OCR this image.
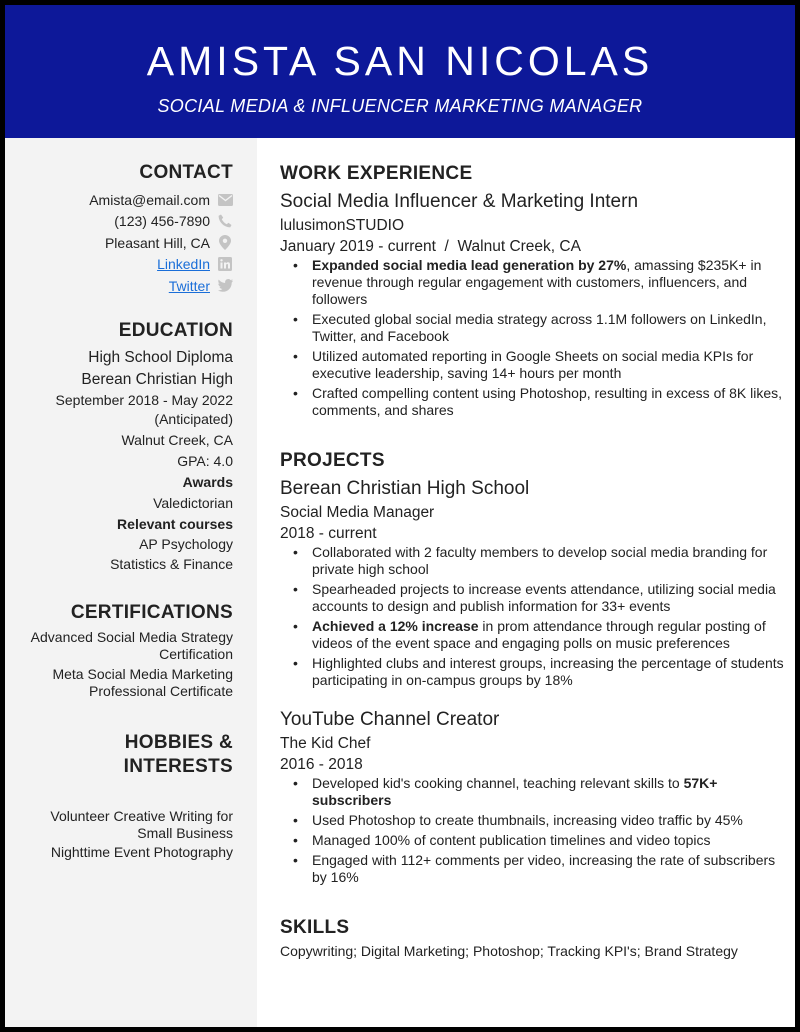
AMISTA SAN NICOLAS
SOCIAL MEDIA & INFLUENCER MARKETING MANAGER
CONTACT
Amista@email.com
(123) 456-7890
Pleasant Hill, CA
LinkedIn
Twitter
EDUCATION
High School Diploma
Berean Christian High
September 2018 - May 2022
(Anticipated)
Walnut Creek, CA
GPA: 4.0
Awards
Valedictorian
Relevant courses
AP Psychology
Statistics & Finance
CERTIFICATIONS
Advanced Social Media Strategy
Certification
Meta Social Media Marketing
Professional Certificate
HOBBIES &
INTERESTS
Volunteer Creative Writing for
Small Business
Nighttime Event Photography
WORK EXPERIENCE
Social Media Influencer & Marketing Intern
lulusimonSTUDIO
January 2019 - current  /  Walnut Creek, CA
• Expanded social media lead generation by 27%, amassing $235K+ in revenue through regular engagement with customers, influencers, and followers
• Executed global social media strategy across 1.1M followers on LinkedIn, Twitter, and Facebook
• Utilized automated reporting in Google Sheets on social media KPIs for executive leadership, saving 14+ hours per month
• Crafted compelling content using Photoshop, resulting in excess of 8K likes, comments, and shares
PROJECTS
Berean Christian High School
Social Media Manager
2018 - current
• Collaborated with 2 faculty members to develop social media branding for private high school
• Spearheaded projects to increase events attendance, utilizing social media accounts to design and publish information for 33+ events
• Achieved a 12% increase in prom attendance through regular posting of videos of the event space and engaging polls on music preferences
• Highlighted clubs and interest groups, increasing the percentage of students participating in on-campus groups by 18%
YouTube Channel Creator
The Kid Chef
2016 - 2018
• Developed kid's cooking channel, teaching relevant skills to 57K+ subscribers
• Used Photoshop to create thumbnails, increasing video traffic by 45%
• Managed 100% of content publication timelines and video topics
• Engaged with 112+ comments per video, increasing the rate of subscribers by 16%
SKILLS
Copywriting; Digital Marketing; Photoshop; Tracking KPI's; Brand Strategy
